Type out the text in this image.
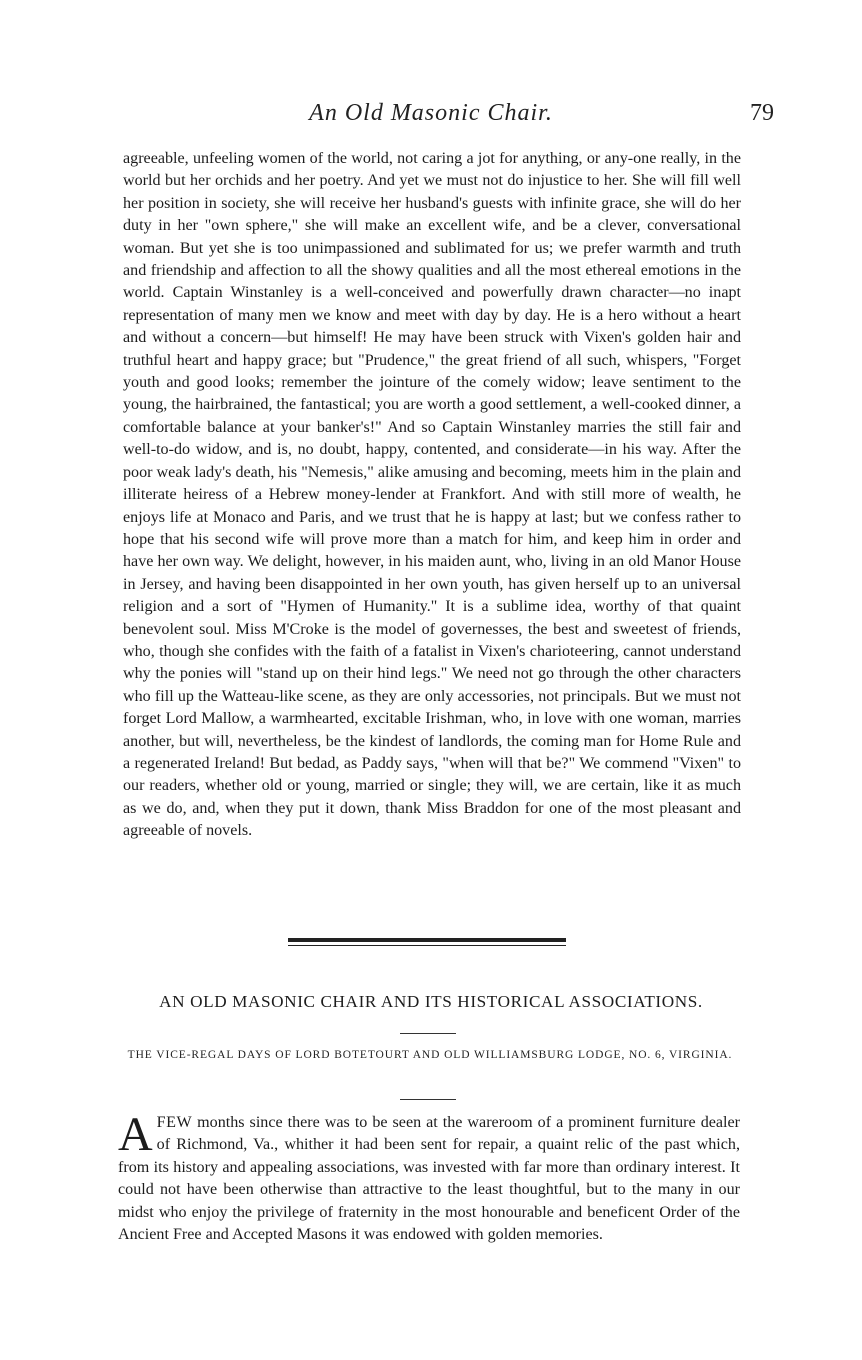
An Old Masonic Chair.	79

agreeable, unfeeling women of the world, not caring a jot for anything, or any-one really, in the world but her orchids and her poetry. And yet we must not do injustice to her. She will fill well her position in society, she will receive her husband's guests with infinite grace, she will do her duty in her "own sphere," she will make an excellent wife, and be a clever, conversational woman. But yet she is too unimpassioned and sublimated for us; we prefer warmth and truth and friendship and affection to all the showy qualities and all the most ethereal emotions in the world. Captain Winstanley is a well-conceived and powerfully drawn character—no inapt representation of many men we know and meet with day by day. He is a hero without a heart and without a concern—but himself! He may have been struck with Vixen's golden hair and truthful heart and happy grace; but "Prudence," the great friend of all such, whispers, "Forget youth and good looks; remember the jointure of the comely widow; leave sentiment to the young, the hairbrained, the fantastical; you are worth a good settlement, a well-cooked dinner, a comfortable balance at your banker's!" And so Captain Winstanley marries the still fair and well-to-do widow, and is, no doubt, happy, contented, and considerate—in his way. After the poor weak lady's death, his "Nemesis," alike amusing and becoming, meets him in the plain and illiterate heiress of a Hebrew money-lender at Frankfort. And with still more of wealth, he enjoys life at Monaco and Paris, and we trust that he is happy at last; but we confess rather to hope that his second wife will prove more than a match for him, and keep him in order and have her own way. We delight, however, in his maiden aunt, who, living in an old Manor House in Jersey, and having been disappointed in her own youth, has given herself up to an universal religion and a sort of "Hymen of Humanity." It is a sublime idea, worthy of that quaint benevolent soul. Miss M'Croke is the model of governesses, the best and sweetest of friends, who, though she confides with the faith of a fatalist in Vixen's charioteering, cannot understand why the ponies will "stand up on their hind legs." We need not go through the other characters who fill up the Watteau-like scene, as they are only accessories, not principals. But we must not forget Lord Mallow, a warmhearted, excitable Irishman, who, in love with one woman, marries another, but will, nevertheless, be the kindest of landlords, the coming man for Home Rule and a regenerated Ireland! But bedad, as Paddy says, "when will that be?" We commend "Vixen" to our readers, whether old or young, married or single; they will, we are certain, like it as much as we do, and, when they put it down, thank Miss Braddon for one of the most pleasant and agreeable of novels.

AN OLD MASONIC CHAIR AND ITS HISTORICAL ASSOCIATIONS.
THE VICE-REGAL DAYS OF LORD BOTETOURT AND OLD WILLIAMSBURG LODGE, NO. 6, VIRGINIA.

AFEW months since there was to be seen at the wareroom of a prominent furniture dealer of Richmond, Va., whither it had been sent for repair, a quaint relic of the past which, from its history and appealing associations, was invested with far more than ordinary interest. It could not have been otherwise than attractive to the least thoughtful, but to the many in our midst who enjoy the privilege of fraternity in the most honourable and beneficent Order of the Ancient Free and Accepted Masons it was endowed with golden memories.
